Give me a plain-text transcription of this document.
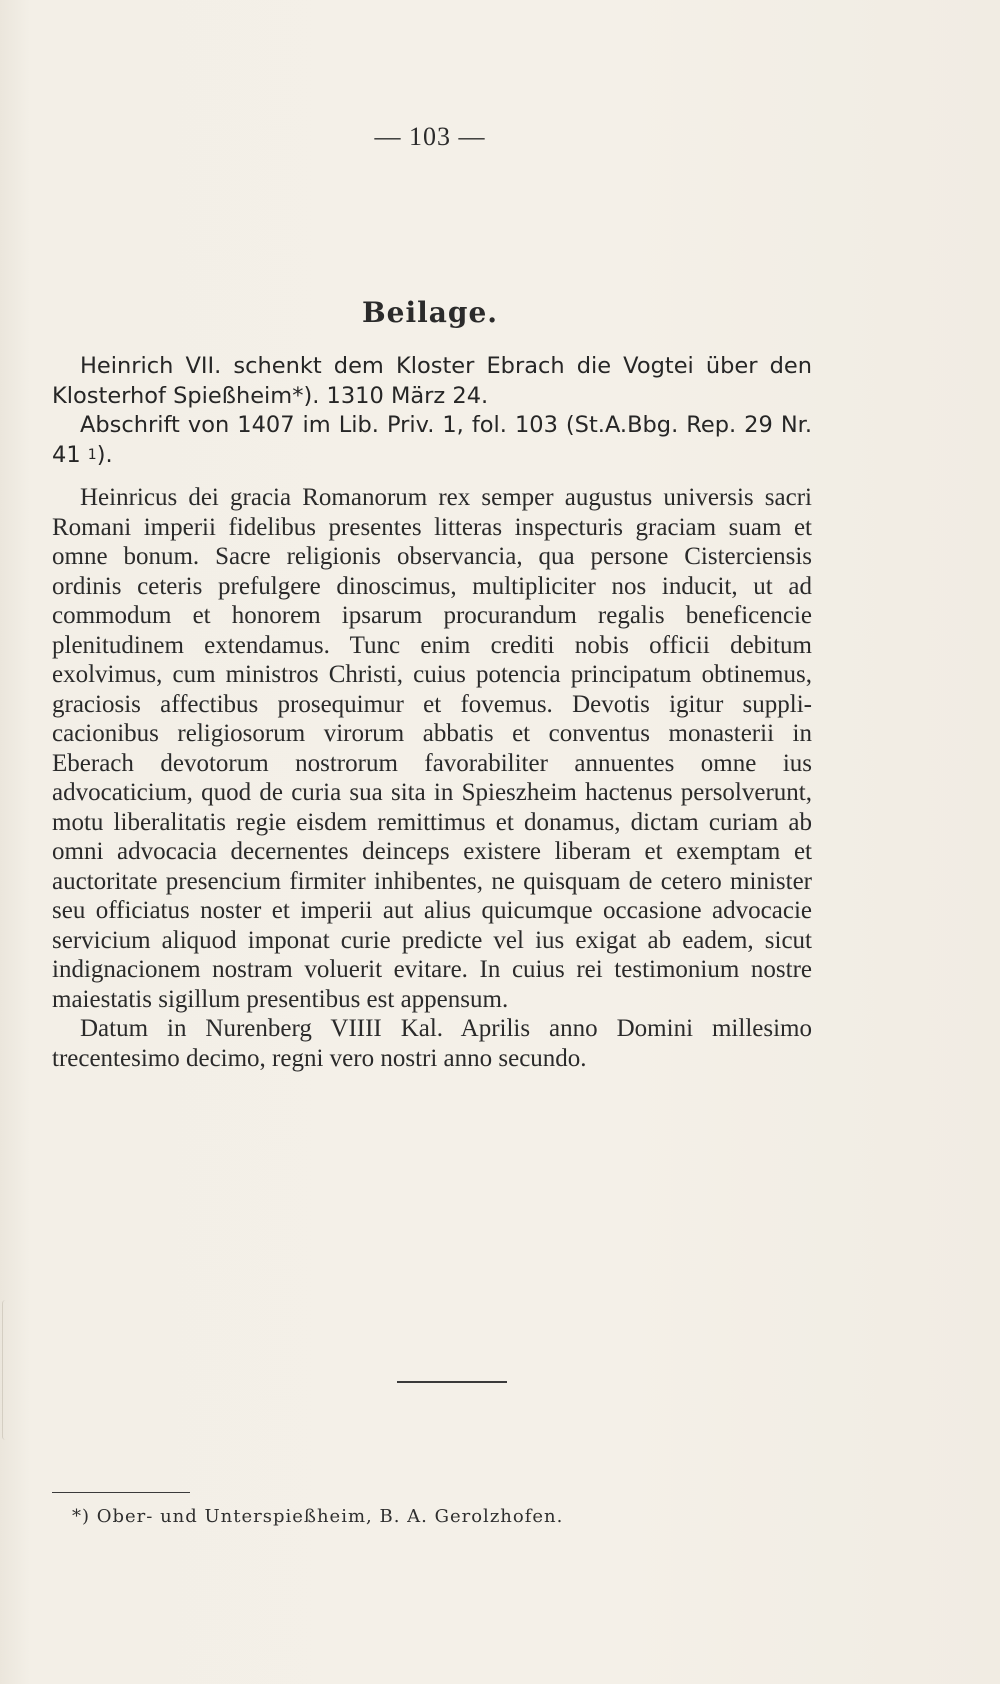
— 103 —
Beilage.

Heinrich VII. schenkt dem Kloster Ebrach die Vogtei über den Klosterhof Spießheim*). 1310 März 24.

Abschrift von 1407 im Lib. Priv. 1, fol. 103 (St.A.Bbg. Rep. 29 Nr. 41 $^1$).

Heinricus dei gracia Romanorum rex semper augustus universis sacri Romani imperii fidelibus presentes litteras inspecturis graciam suam et omne bonum. Sacre religionis observancia, qua persone Cisterciensis ordinis ceteris prefulgere dinoscimus, multipliciter nos inducit, ut ad commodum et honorem ipsarum procurandum regalis beneficencie plenitudinem extendamus. Tunc enim crediti nobis officii debitum exolvimus, cum ministros Christi, cuius potencia principatum obtinemus, graciosis affectibus prosequimur et fovemus. Devotis igitur supplicacionibus religiosorum virorum abbatis et conventus monasterii in Eberach devotorum nostrorum favorabiliter annuentes omne ius advocaticium, quod de curia sua sita in Spieszheim hactenus persolverunt, motu liberalitatis regie eisdem remittimus et donamus, dictam curiam ab omni advocacia decernentes deinceps existere liberam et exemptam et auctoritate presencium firmiter inhibentes, ne quisquam de cetero minister seu officiatus noster et imperii aut alius quicumque occasione advocacie servicium aliquod imponat curie predicte vel ius exigat ab eadem, sicut indignacionem nostram voluerit evitare. In cuius rei testimonium nostre maiestatis sigillum presentibus est appensum.

Datum in Nurenberg VIIII Kal. Aprilis anno Domini millesimo trecentesimo decimo, regni vero nostri anno secundo.

*) Ober- und Unterspießheim, B. A. Gerolzhofen.
